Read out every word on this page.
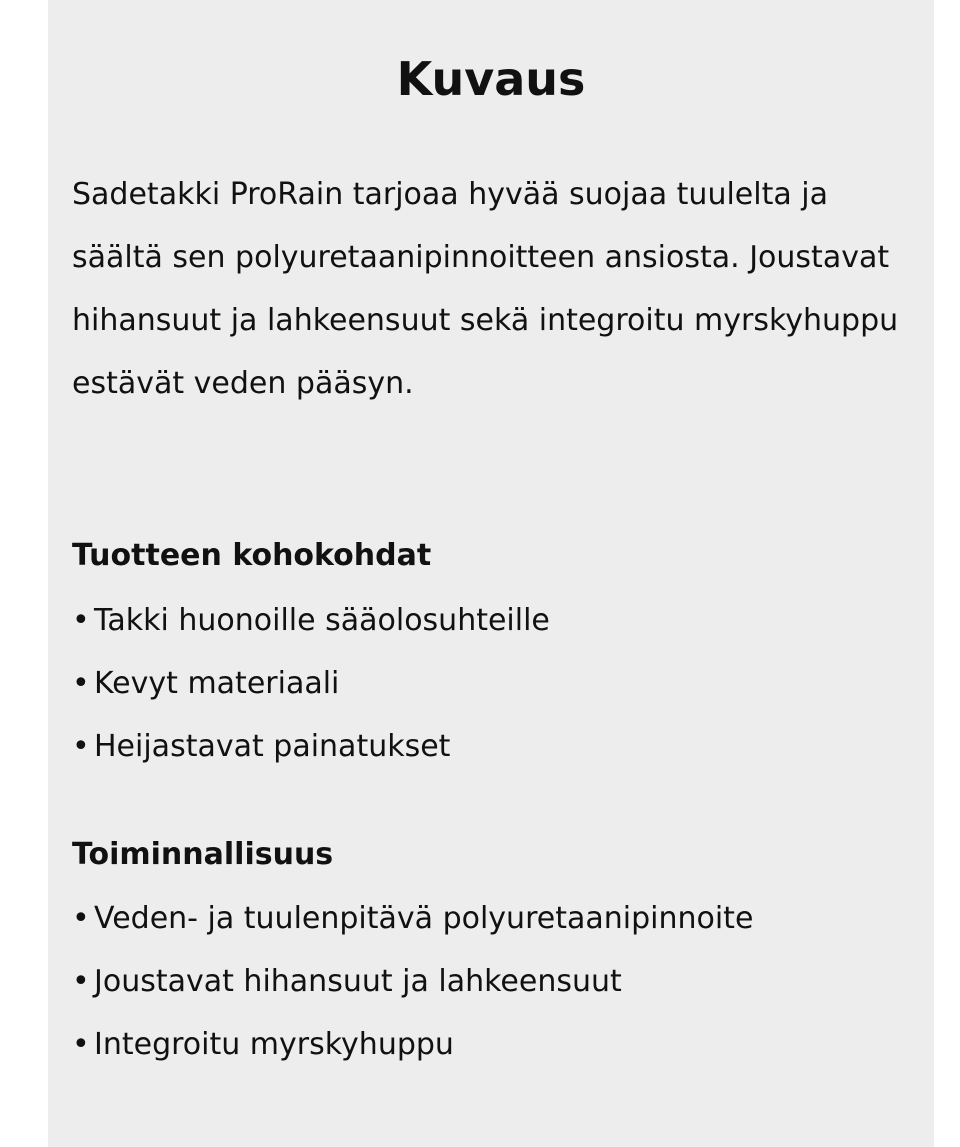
Kuvaus

Sadetakki ProRain tarjoaa hyvää suojaa tuulelta ja säältä sen polyuretaanipinnoitteen ansiosta. Joustavat hihansuut ja lahkeensuut sekä integroitu myrskyhuppu estävät veden pääsyn.

Tuotteen kohokohdat
• Takki huonoille sääolosuhteille
• Kevyt materiaali
• Heijastavat painatukset
Toiminnallisuus
• Veden- ja tuulenpitävä polyuretaanipinnoite
• Joustavat hihansuut ja lahkeensuut
• Integroitu myrskyhuppu
